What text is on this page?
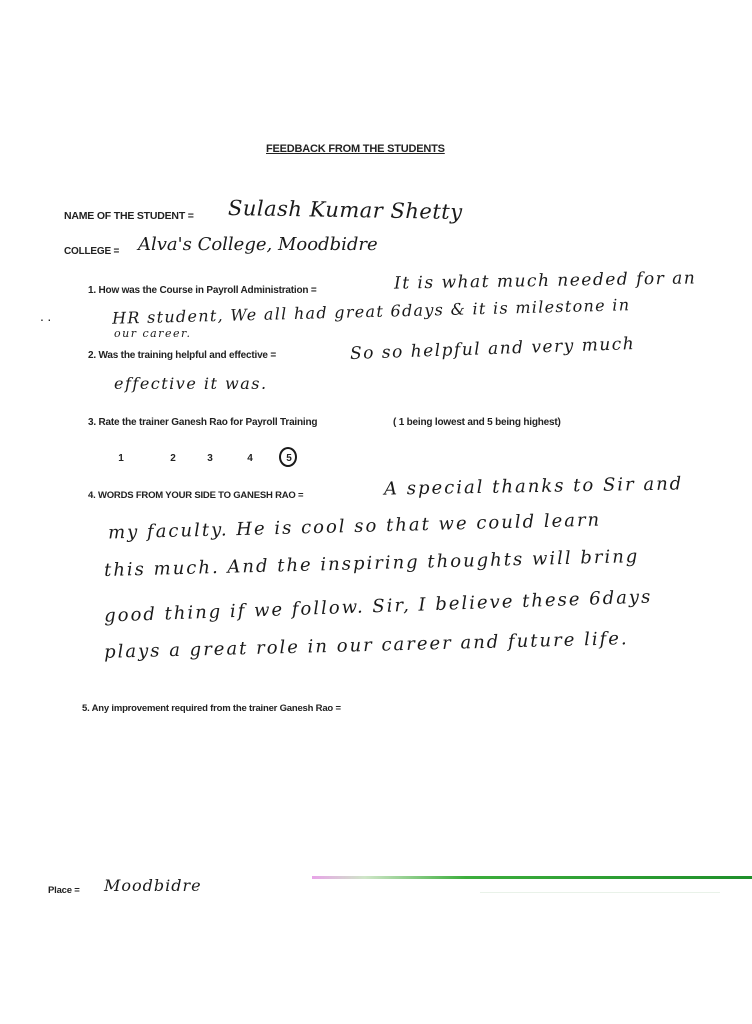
FEEDBACK FROM THE STUDENTS
NAME OF THE STUDENT = Sulash Kumar Shetty
COLLEGE = Alva's College, Moodbidre
. .
1. How was the Course in Payroll Administration =	It is what much needed for an
HR student, We all had great 6days & it is milestone in
our career.
2. Was the training helpful and effective =	So so helpful and very much
effective it was.
3. Rate the trainer Ganesh Rao for Payroll Training	( 1 being lowest and 5 being highest)
1	2	3	4	5
4. WORDS FROM YOUR SIDE TO GANESH RAO =	A special thanks to Sir and
my faculty. He is cool so that we could learn
this much. And the inspiring thoughts will bring
good thing if we follow. Sir, I believe these 6days
plays a great role in our career and future life.
5. Any improvement required from the trainer Ganesh Rao =
Place = Moodbidre
